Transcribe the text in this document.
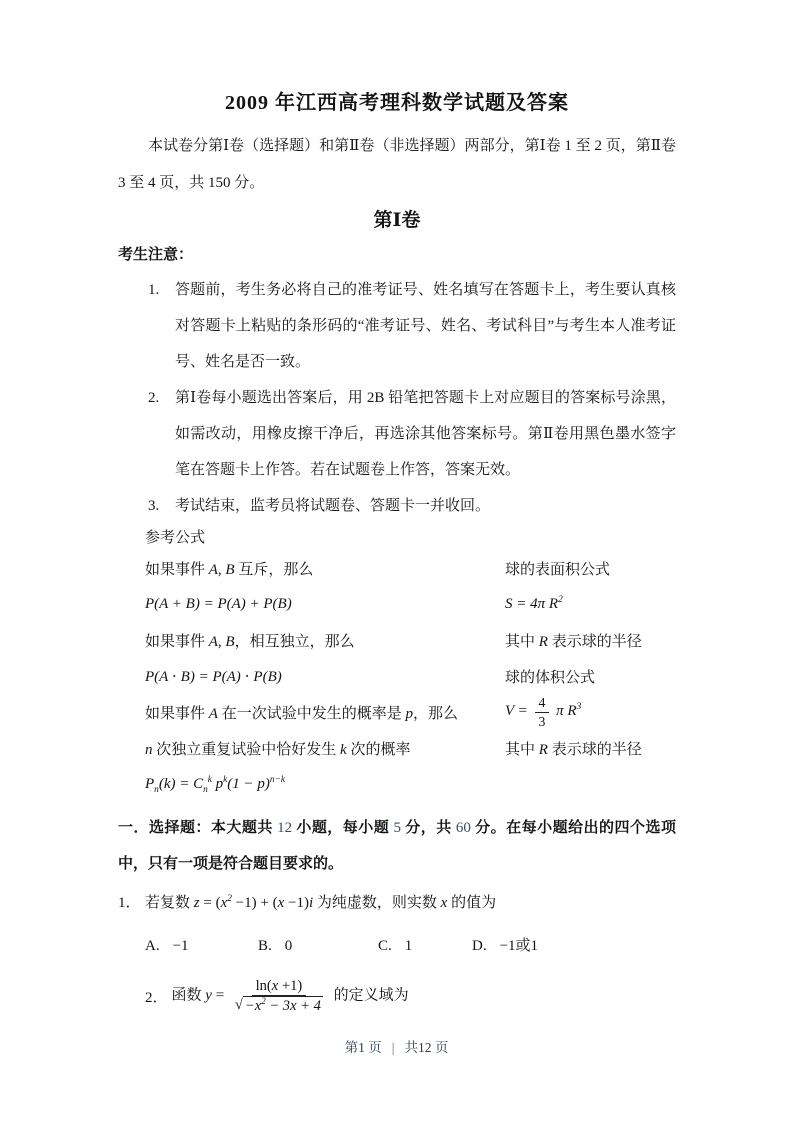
2009 年江西高考理科数学试题及答案
本试卷分第Ⅰ卷（选择题）和第Ⅱ卷（非选择题）两部分，第Ⅰ卷 1 至 2 页，第Ⅱ卷 3 至 4 页，共 150 分。
第Ⅰ卷
考生注意：
1. 答题前，考生务必将自己的准考证号、姓名填写在答题卡上，考生要认真核对答题卡上粘贴的条形码的“准考证号、姓名、考试科目”与考生本人准考证号、姓名是否一致。
2. 第Ⅰ卷每小题选出答案后，用 2B 铅笔把答题卡上对应题目的答案标号涂黑，如需改动，用橡皮擦干净后，再选涂其他答案标号。第Ⅱ卷用黑色墨水签字笔在答题卡上作答。若在试题卷上作答，答案无效。
3. 考试结束，监考员将试题卷、答题卡一并收回。
参考公式
如果事件 A, B 互斥，那么	球的表面积公式
P(A + B) = P(A) + P(B)	S = 4π $R^2$
如果事件 A, B，相互独立，那么	其中 R 表示球的半径
P(A ⋅ B) = P(A) ⋅ P(B)	球的体积公式
如果事件 A 在一次试验中发生的概率是 p，那么	$V = \frac{4}{3}$ π $R^3$
n 次独立重复试验中恰好发生 k 次的概率	其中 R 表示球的半径
$P_n(k) = C_n^k$ $p^k(1 - p)^{n-k}$
一．选择题：本大题共 12 小题，每小题 5 分，共 60 分。在每小题给出的四个选项中，只有一项是符合题目要求的。
1． 若复数 $z = (x^2 -1) + (x -1)i$ 为纯虚数，则实数 x 的值为
A. −1	B. 0	C. 1	D. −1或1
2． 函数 $y = \frac{\ln(x +1)}{√ -x^2 - 3x + 4}$ 的定义域为
第1 页 | 共12 页
